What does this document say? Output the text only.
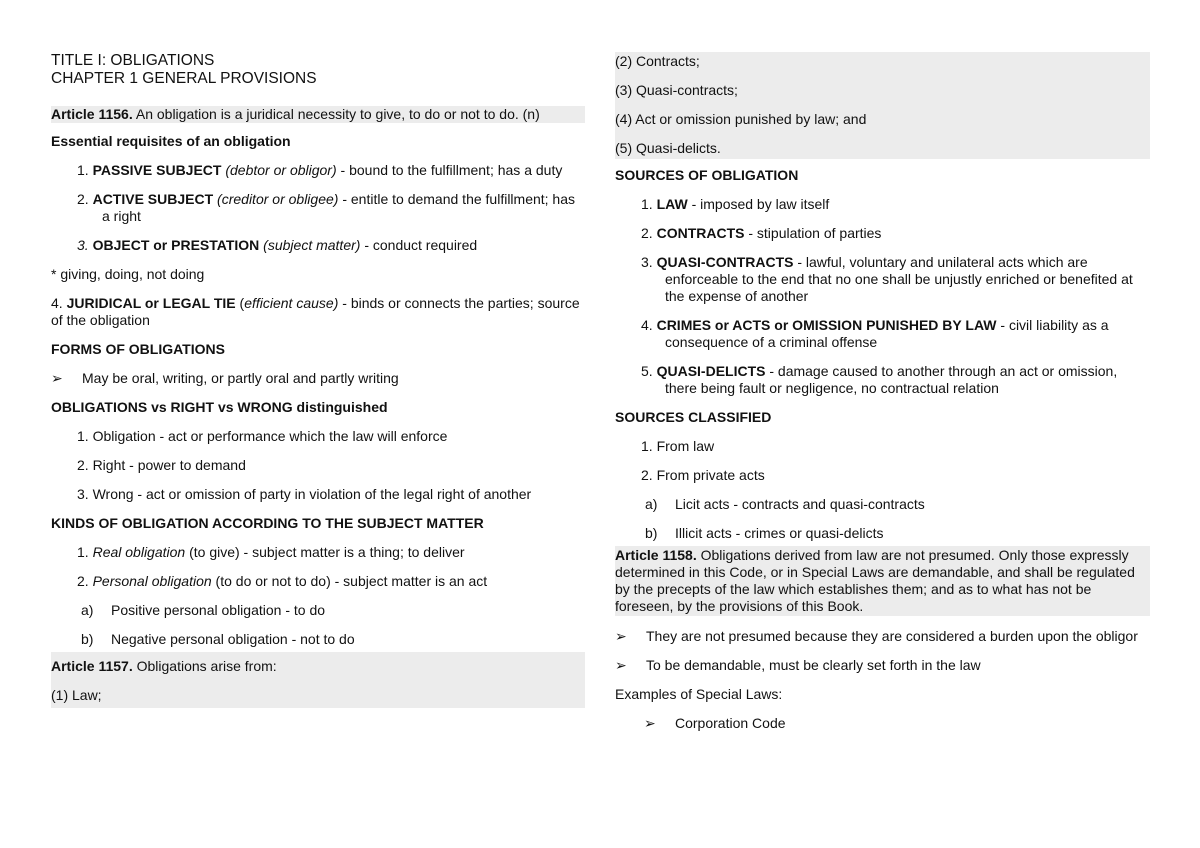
TITLE I: OBLIGATIONS

CHAPTER 1 GENERAL PROVISIONS

Article 1156. An obligation is a juridical necessity to give, to do or not to do. (n)
Essential requisites of an obligation
1. PASSIVE SUBJECT (debtor or obligor) - bound to the fulfillment; has a duty
2. ACTIVE SUBJECT (creditor or obligee) - entitle to demand the fulfillment; has a right
3. OBJECT or PRESTATION (subject matter) - conduct required
* giving, doing, not doing
4. JURIDICAL or LEGAL TIE (efficient cause) - binds or connects the parties; source of the obligation
FORMS OF OBLIGATIONS
➢ May be oral, writing, or partly oral and partly writing
OBLIGATIONS vs RIGHT vs WRONG distinguished
1. Obligation - act or performance which the law will enforce
2. Right - power to demand
3. Wrong - act or omission of party in violation of the legal right of another
KINDS OF OBLIGATION ACCORDING TO THE SUBJECT MATTER
1. Real obligation (to give) - subject matter is a thing; to deliver
2. Personal obligation (to do or not to do) - subject matter is an act
a) Positive personal obligation - to do
b) Negative personal obligation - not to do
Article 1157. Obligations arise from:
(1) Law;
(2) Contracts;
(3) Quasi-contracts;
(4) Act or omission punished by law; and
(5) Quasi-delicts.
SOURCES OF OBLIGATION
1. LAW - imposed by law itself
2. CONTRACTS - stipulation of parties
3. QUASI-CONTRACTS - lawful, voluntary and unilateral acts which are enforceable to the end that no one shall be unjustly enriched or benefited at the expense of another
4. CRIMES or ACTS or OMISSION PUNISHED BY LAW - civil liability as a consequence of a criminal offense
5. QUASI-DELICTS - damage caused to another through an act or omission, there being fault or negligence, no contractual relation
SOURCES CLASSIFIED
1. From law
2. From private acts
a) Licit acts - contracts and quasi-contracts
b) Illicit acts - crimes or quasi-delicts
Article 1158. Obligations derived from law are not presumed. Only those expressly determined in this Code, or in Special Laws are demandable, and shall be regulated by the precepts of the law which establishes them; and as to what has not be foreseen, by the provisions of this Book.
➢ They are not presumed because they are considered a burden upon the obligor
➢ To be demandable, must be clearly set forth in the law
Examples of Special Laws:
➢ Corporation Code
